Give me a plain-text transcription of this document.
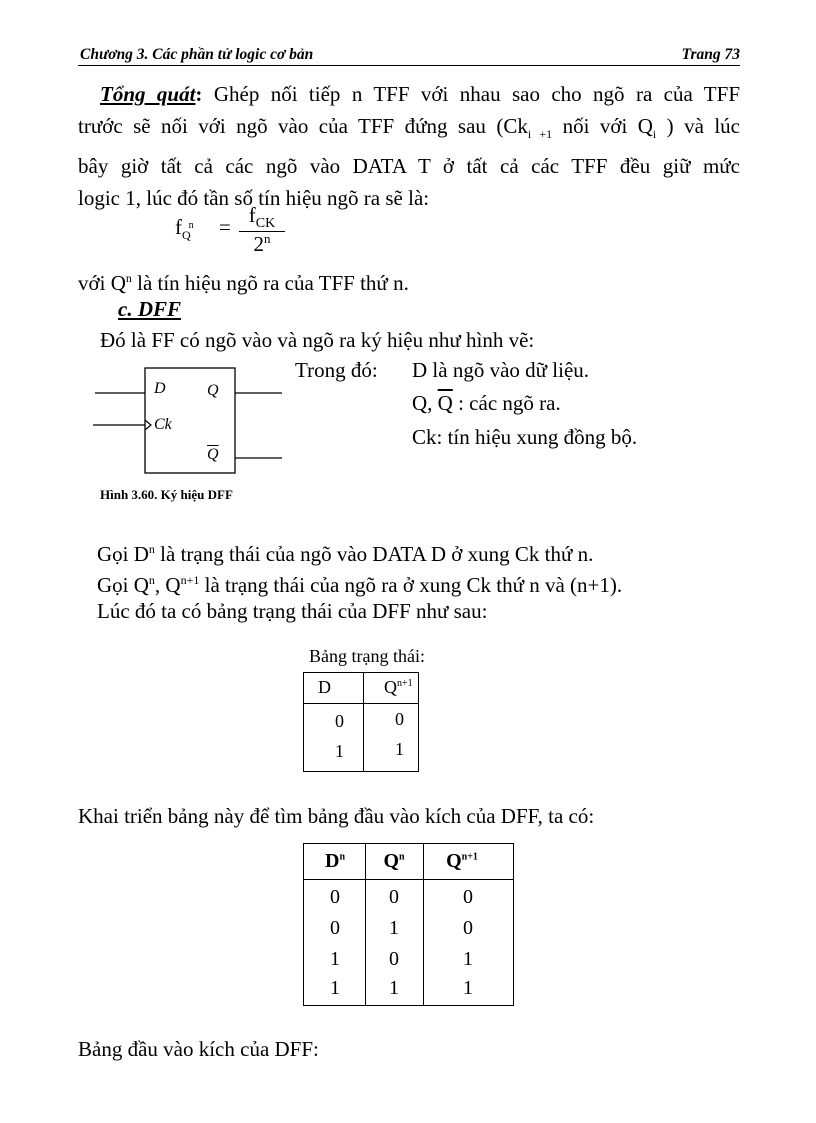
Chương 3. Các phần tử logic cơ bản	Trang 73
Tổng quát: Ghép nối tiếp n TFF với nhau sao cho ngõ ra của TFF
trước sẽ nối với ngõ vào của TFF đứng sau ($Ck_{i +1}$ nối với $Q_i$ ) và lúc
bây giờ tất cả các ngõ vào DATA T ở tất cả các TFF đều giữ mức
logic 1, lúc đó tần số tín hiệu ngõ ra sẽ là:
$f_Q^n = f_{CK}$
2$^n$
với $Q^n$ là tín hiệu ngõ ra của TFF thứ n.
c. DFF
Đó là FF có ngõ vào và ngõ ra ký hiệu như hình vẽ:
D	Q
Ck
$\overline{Q}$
Hình 3.60. Ký hiệu DFF
Trong đó: D là ngõ vào dữ liệu.
Q, $\overline{Q}$ : các ngõ ra.
Ck: tín hiệu xung đồng bộ.
Gọi $D^n$ là trạng thái của ngõ vào DATA D ở xung Ck thứ n.
Gọi $Q^n$, $Q^{n+1}$ là trạng thái của ngõ ra ở xung Ck thứ n và (n+1).
Lúc đó ta có bảng trạng thái của DFF như sau:
Bảng trạng thái:
D	$Q^{n+1}$
0	0
1	1
Khai triển bảng này để tìm bảng đầu vào kích của DFF, ta có:
$D^n$	$Q^n$	$Q^{n+1}$
0	0	0
0	1	0
1	0	1
1	1	1
Bảng đầu vào kích của DFF:
